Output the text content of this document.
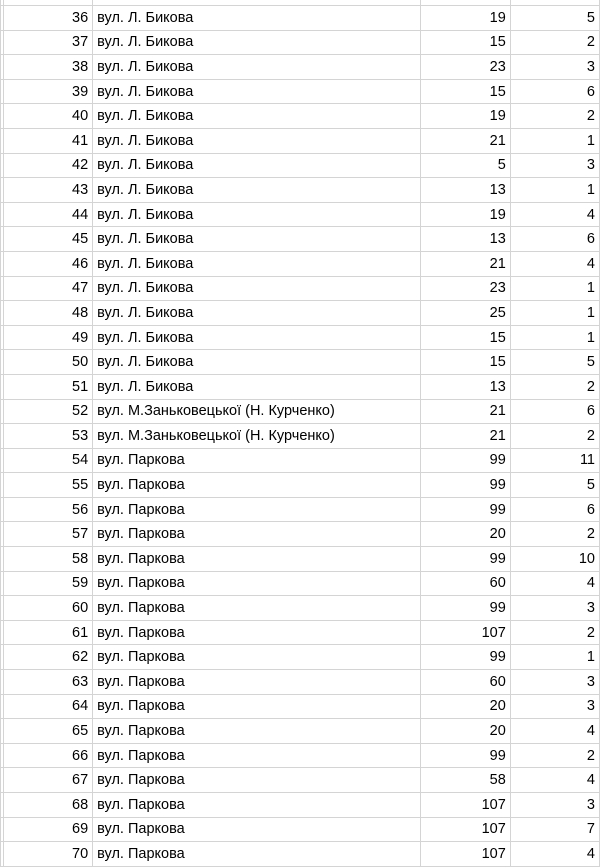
	36	вул. Л. Бикова	19	5
	37	вул. Л. Бикова	15	2
	38	вул. Л. Бикова	23	3
	39	вул. Л. Бикова	15	6
	40	вул. Л. Бикова	19	2
	41	вул. Л. Бикова	21	1
	42	вул. Л. Бикова	5	3
	43	вул. Л. Бикова	13	1
	44	вул. Л. Бикова	19	4
	45	вул. Л. Бикова	13	6
	46	вул. Л. Бикова	21	4
	47	вул. Л. Бикова	23	1
	48	вул. Л. Бикова	25	1
	49	вул. Л. Бикова	15	1
	50	вул. Л. Бикова	15	5
	51	вул. Л. Бикова	13	2
	52	вул. М.Заньковецької (Н. Курченко)	21	6
	53	вул. М.Заньковецької (Н. Курченко)	21	2
	54	вул. Паркова	99	11
	55	вул. Паркова	99	5
	56	вул. Паркова	99	6
	57	вул. Паркова	20	2
	58	вул. Паркова	99	10
	59	вул. Паркова	60	4
	60	вул. Паркова	99	3
	61	вул. Паркова	107	2
	62	вул. Паркова	99	1
	63	вул. Паркова	60	3
	64	вул. Паркова	20	3
	65	вул. Паркова	20	4
	66	вул. Паркова	99	2
	67	вул. Паркова	58	4
	68	вул. Паркова	107	3
	69	вул. Паркова	107	7
	70	вул. Паркова	107	4
